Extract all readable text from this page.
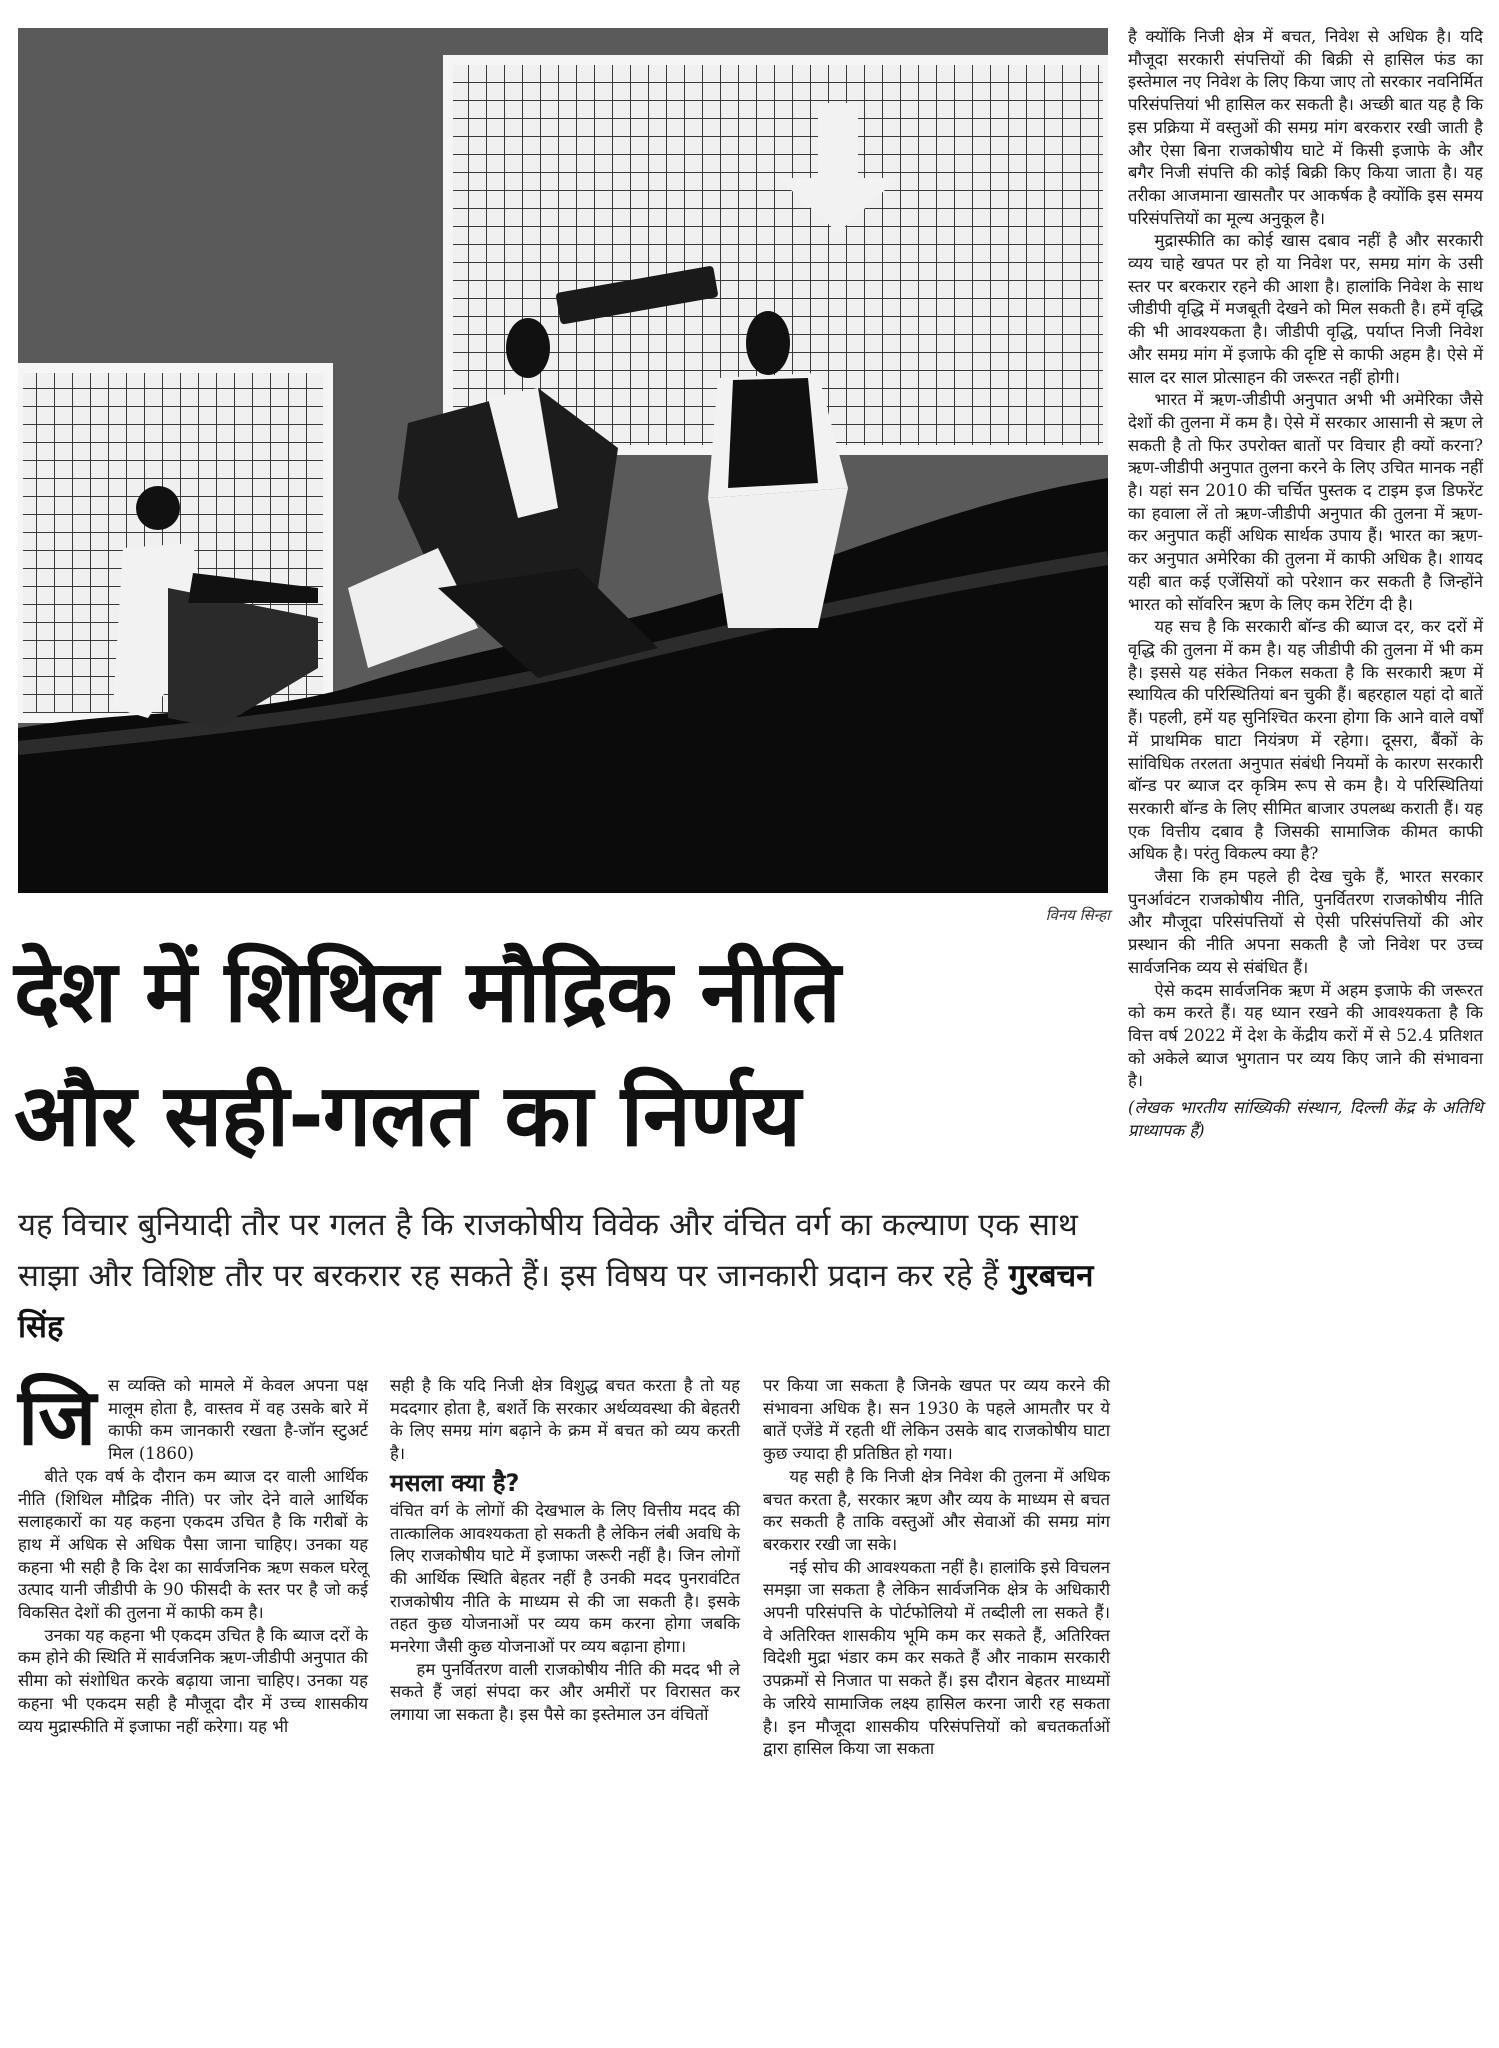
विनय सिन्हा
देश में शिथिल मौद्रिक नीति
और सही-गलत का निर्णय
यह विचार बुनियादी तौर पर गलत है कि राजकोषीय विवेक और वंचित वर्ग का कल्याण एक साथ साझा और विशिष्ट तौर पर बरकरार रह सकते हैं। इस विषय पर जानकारी प्रदान कर रहे हैं गुरबचन सिंह
जि स व्यक्ति को मामले में केवल अपना पक्ष मालूम होता है, वास्तव में वह उसके बारे में काफी कम जानकारी रखता है-जॉन स्टुअर्ट मिल (1860)

बीते एक वर्ष के दौरान कम ब्याज दर वाली आर्थिक नीति (शिथिल मौद्रिक नीति) पर जोर देने वाले आर्थिक सलाहकारों का यह कहना एकदम उचित है कि गरीबों के हाथ में अधिक से अधिक पैसा जाना चाहिए। उनका यह कहना भी सही है कि देश का सार्वजनिक ऋण सकल घरेलू उत्पाद यानी जीडीपी के 90 फीसदी के स्तर पर है जो कई विकसित देशों की तुलना में काफी कम है।

उनका यह कहना भी एकदम उचित है कि ब्याज दरों के कम होने की स्थिति में सार्वजनिक ऋण-जीडीपी अनुपात की सीमा को संशोधित करके बढ़ाया जाना चाहिए। उनका यह कहना भी एकदम सही है मौजूदा दौर में उच्च शासकीय व्यय मुद्रास्फीति में इजाफा नहीं करेगा। यह भी

सही है कि यदि निजी क्षेत्र विशुद्ध बचत करता है तो यह मददगार होता है, बशर्ते कि सरकार अर्थव्यवस्था की बेहतरी के लिए समग्र मांग बढ़ाने के क्रम में बचत को व्यय करती है।

मसला क्या है?

वंचित वर्ग के लोगों की देखभाल के लिए वित्तीय मदद की तात्कालिक आवश्यकता हो सकती है लेकिन लंबी अवधि के लिए राजकोषीय घाटे में इजाफा जरूरी नहीं है। जिन लोगों की आर्थिक स्थिति बेहतर नहीं है उनकी मदद पुनरावंटित राजकोषीय नीति के माध्यम से की जा सकती है। इसके तहत कुछ योजनाओं पर व्यय कम करना होगा जबकि मनरेगा जैसी कुछ योजनाओं पर व्यय बढ़ाना होगा।

हम पुनर्वितरण वाली राजकोषीय नीति की मदद भी ले सकते हैं जहां संपदा कर और अमीरों पर विरासत कर लगाया जा सकता है। इस पैसे का इस्तेमाल उन वंचितों

पर किया जा सकता है जिनके खपत पर व्यय करने की संभावना अधिक है। सन 1930 के पहले आमतौर पर ये बातें एजेंडे में रहती थीं लेकिन उसके बाद राजकोषीय घाटा कुछ ज्यादा ही प्रतिष्ठित हो गया।

यह सही है कि निजी क्षेत्र निवेश की तुलना में अधिक बचत करता है, सरकार ऋण और व्यय के माध्यम से बचत कर सकती है ताकि वस्तुओं और सेवाओं की समग्र मांग बरकरार रखी जा सके।

नई सोच की आवश्यकता नहीं है। हालांकि इसे विचलन समझा जा सकता है लेकिन सार्वजनिक क्षेत्र के अधिकारी अपनी परिसंपत्ति के पोर्टफोलियो में तब्दीली ला सकते हैं। वे अतिरिक्त शासकीय भूमि कम कर सकते हैं, अतिरिक्त विदेशी मुद्रा भंडार कम कर सकते हैं और नाकाम सरकारी उपक्रमों से निजात पा सकते हैं। इस दौरान बेहतर माध्यमों के जरिये सामाजिक लक्ष्य हासिल करना जारी रह सकता है। इन मौजूदा शासकीय परिसंपत्तियों को बचतकर्ताओं द्वारा हासिल किया जा सकता

है क्योंकि निजी क्षेत्र में बचत, निवेश से अधिक है। यदि मौजूदा सरकारी संपत्तियों की बिक्री से हासिल फंड का इस्तेमाल नए निवेश के लिए किया जाए तो सरकार नवनिर्मित परिसंपत्तियां भी हासिल कर सकती है। अच्छी बात यह है कि इस प्रक्रिया में वस्तुओं की समग्र मांग बरकरार रखी जाती है और ऐसा बिना राजकोषीय घाटे में किसी इजाफे के और बगैर निजी संपत्ति की कोई बिक्री किए किया जाता है। यह तरीका आजमाना खासतौर पर आकर्षक है क्योंकि इस समय परिसंपत्तियों का मूल्य अनुकूल है।

मुद्रास्फीति का कोई खास दबाव नहीं है और सरकारी व्यय चाहे खपत पर हो या निवेश पर, समग्र मांग के उसी स्तर पर बरकरार रहने की आशा है। हालांकि निवेश के साथ जीडीपी वृद्धि में मजबूती देखने को मिल सकती है। हमें वृद्धि की भी आवश्यकता है। जीडीपी वृद्धि, पर्याप्त निजी निवेश और समग्र मांग में इजाफे की दृष्टि से काफी अहम है। ऐसे में साल दर साल प्रोत्साहन की जरूरत नहीं होगी।

भारत में ऋण-जीडीपी अनुपात अभी भी अमेरिका जैसे देशों की तुलना में कम है। ऐसे में सरकार आसानी से ऋण ले सकती है तो फिर उपरोक्त बातों पर विचार ही क्यों करना? ऋण-जीडीपी अनुपात तुलना करने के लिए उचित मानक नहीं है। यहां सन 2010 की चर्चित पुस्तक द टाइम इज डिफरेंट का हवाला लें तो ऋण-जीडीपी अनुपात की तुलना में ऋण-कर अनुपात कहीं अधिक सार्थक उपाय हैं। भारत का ऋण-कर अनुपात अमेरिका की तुलना में काफी अधिक है। शायद यही बात कई एजेंसियों को परेशान कर सकती है जिन्होंने भारत को सॉवरिन ऋण के लिए कम रेटिंग दी है।

यह सच है कि सरकारी बॉन्ड की ब्याज दर, कर दरों में वृद्धि की तुलना में कम है। यह जीडीपी की तुलना में भी कम है। इससे यह संकेत निकल सकता है कि सरकारी ऋण में स्थायित्व की परिस्थितियां बन चुकी हैं। बहरहाल यहां दो बातें हैं। पहली, हमें यह सुनिश्चित करना होगा कि आने वाले वर्षों में प्राथमिक घाटा नियंत्रण में रहेगा। दूसरा, बैंकों के सांविधिक तरलता अनुपात संबंधी नियमों के कारण सरकारी बॉन्ड पर ब्याज दर कृत्रिम रूप से कम है। ये परिस्थितियां सरकारी बॉन्ड के लिए सीमित बाजार उपलब्ध कराती हैं। यह एक वित्तीय दबाव है जिसकी सामाजिक कीमत काफी अधिक है। परंतु विकल्प क्या है?

जैसा कि हम पहले ही देख चुके हैं, भारत सरकार पुनर्आवंटन राजकोषीय नीति, पुनर्वितरण राजकोषीय नीति और मौजूदा परिसंपत्तियों से ऐसी परिसंपत्तियों की ओर प्रस्थान की नीति अपना सकती है जो निवेश पर उच्च सार्वजनिक व्यय से संबंधित हैं।

ऐसे कदम सार्वजनिक ऋण में अहम इजाफे की जरूरत को कम करते हैं। यह ध्यान रखने की आवश्यकता है कि वित्त वर्ष 2022 में देश के केंद्रीय करों में से 52.4 प्रतिशत को अकेले ब्याज भुगतान पर व्यय किए जाने की संभावना है।

(लेखक भारतीय सांख्यिकी संस्थान, दिल्ली केंद्र के अतिथि प्राध्यापक हैं)
